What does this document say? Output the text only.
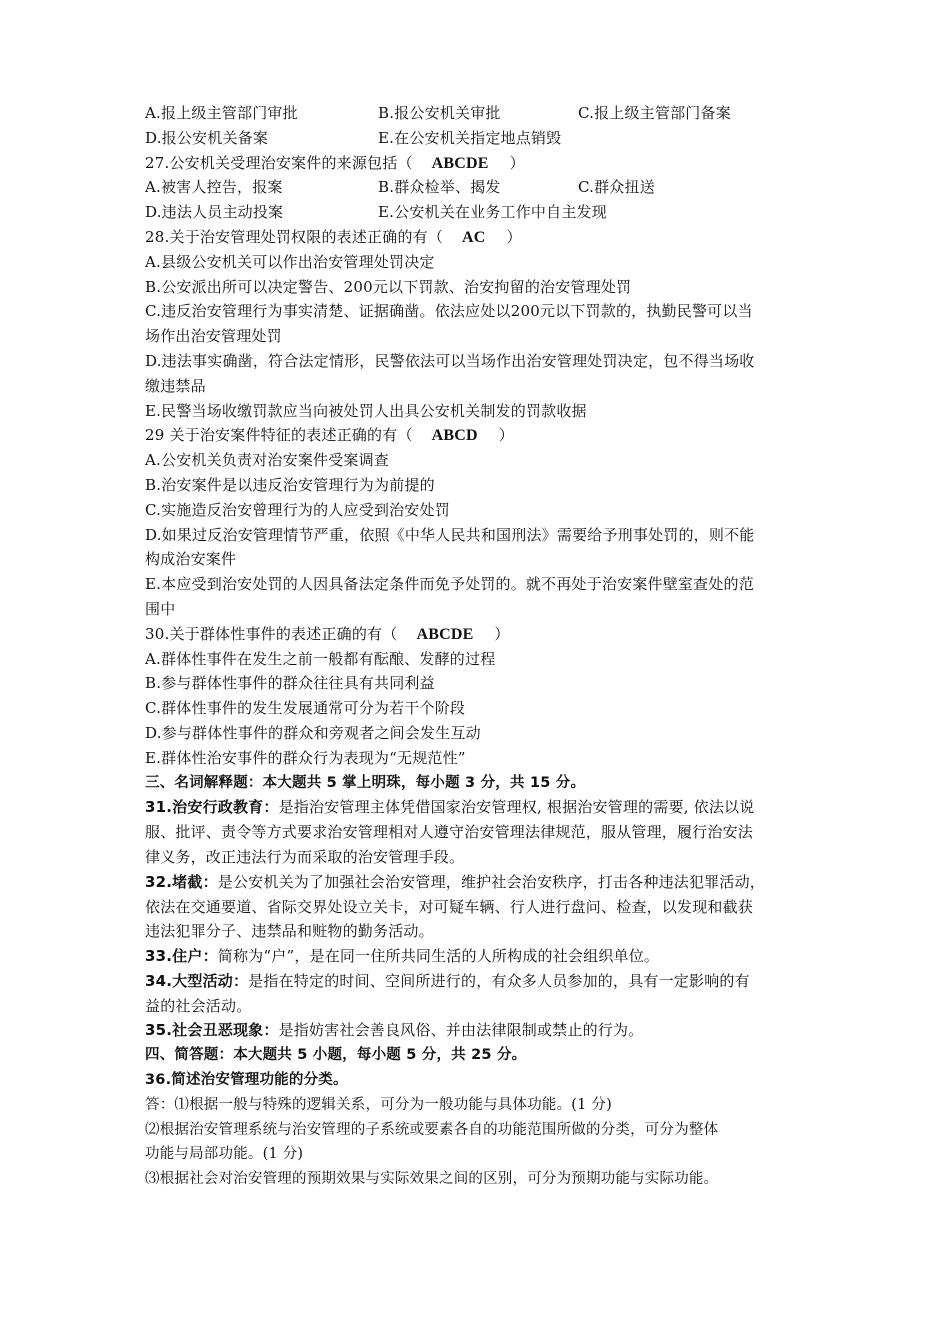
A.报上级主管部门审批	B.报公安机关审批	C.报上级主管部门备案
D.报公安机关备案	E.在公安机关指定地点销毁
27.公安机关受理治安案件的来源包括（ ABCDE ）
A.被害人控告，报案	B.群众检举、揭发	C.群众扭送
D.违法人员主动投案	E.公安机关在业务工作中自主发现
28.关于治安管理处罚权限的表述正确的有（ AC ）
A.县级公安机关可以作出治安管理处罚决定
B.公安派出所可以决定警告、200元以下罚款、治安拘留的治安管理处罚
C.违反治安管理行为事实清楚、证据确凿。依法应处以200元以下罚款的，执勤民警可以当
场作出治安管理处罚
D.违法事实确凿，符合法定情形，民警依法可以当场作出治安管理处罚决定，包不得当场收
缴违禁品
E.民警当场收缴罚款应当向被处罚人出具公安机关制发的罚款收据
29 关于治安案件特征的表述正确的有（ ABCD ）
A.公安机关负责对治安案件受案调查
B.治安案件是以违反治安管理行为为前提的
C.实施造反治安曾理行为的人应受到治安处罚
D.如果过反治安管理情节严重，依照《中华人民共和国刑法》需要给予刑事处罚的，则不能
构成治安案件
E.本应受到治安处罚的人因具备法定条件而免予处罚的。就不再处于治安案件壁室查处的范
围中
30.关于群体性事件的表述正确的有（ ABCDE ）
A.群体性事件在发生之前一般都有酝酿、发酵的过程
B.参与群体性事件的群众往往具有共同利益
C.群体性事件的发生发展通常可分为若干个阶段
D.参与群体性事件的群众和旁观者之间会发生互动
E.群体性治安事件的群众行为表现为“无规范性”
三、名词解释题：本大题共 5 掌上明珠，每小题 3 分，共 15 分。
31.治安行政教育：是指治安管理主体凭借国家治安管理权, 根据治安管理的需要, 依法以说
服、批评、责令等方式要求治安管理相对人遵守治安管理法律规范，服从管理，履行治安法
律义务，改正违法行为而采取的治安管理手段。
32.堵截：是公安机关为了加强社会治安管理，维护社会治安秩序，打击各种违法犯罪活动，
依法在交通要道、省际交界处设立关卡，对可疑车辆、行人进行盘问、检查，以发现和截获
违法犯罪分子、违禁品和赃物的勤务活动。
33.住户：简称为“户”，是在同一住所共同生活的人所构成的社会组织单位。
34.大型活动：是指在特定的时间、空间所进行的，有众多人员参加的，具有一定影响的有
益的社会活动。
35.社会丑恶现象：是指妨害社会善良风俗、并由法律限制或禁止的行为。
四、简答题：本大题共 5 小题，每小题 5 分，共 25 分。
36.简述治安管理功能的分类。
答：⑴根据一般与特殊的逻辑关系，可分为一般功能与具体功能。(1 分)
⑵根据治安管理系统与治安管理的子系统或要素各自的功能范围所做的分类，可分为整体
功能与局部功能。(1 分)
⑶根据社会对治安管理的预期效果与实际效果之间的区别，可分为预期功能与实际功能。
